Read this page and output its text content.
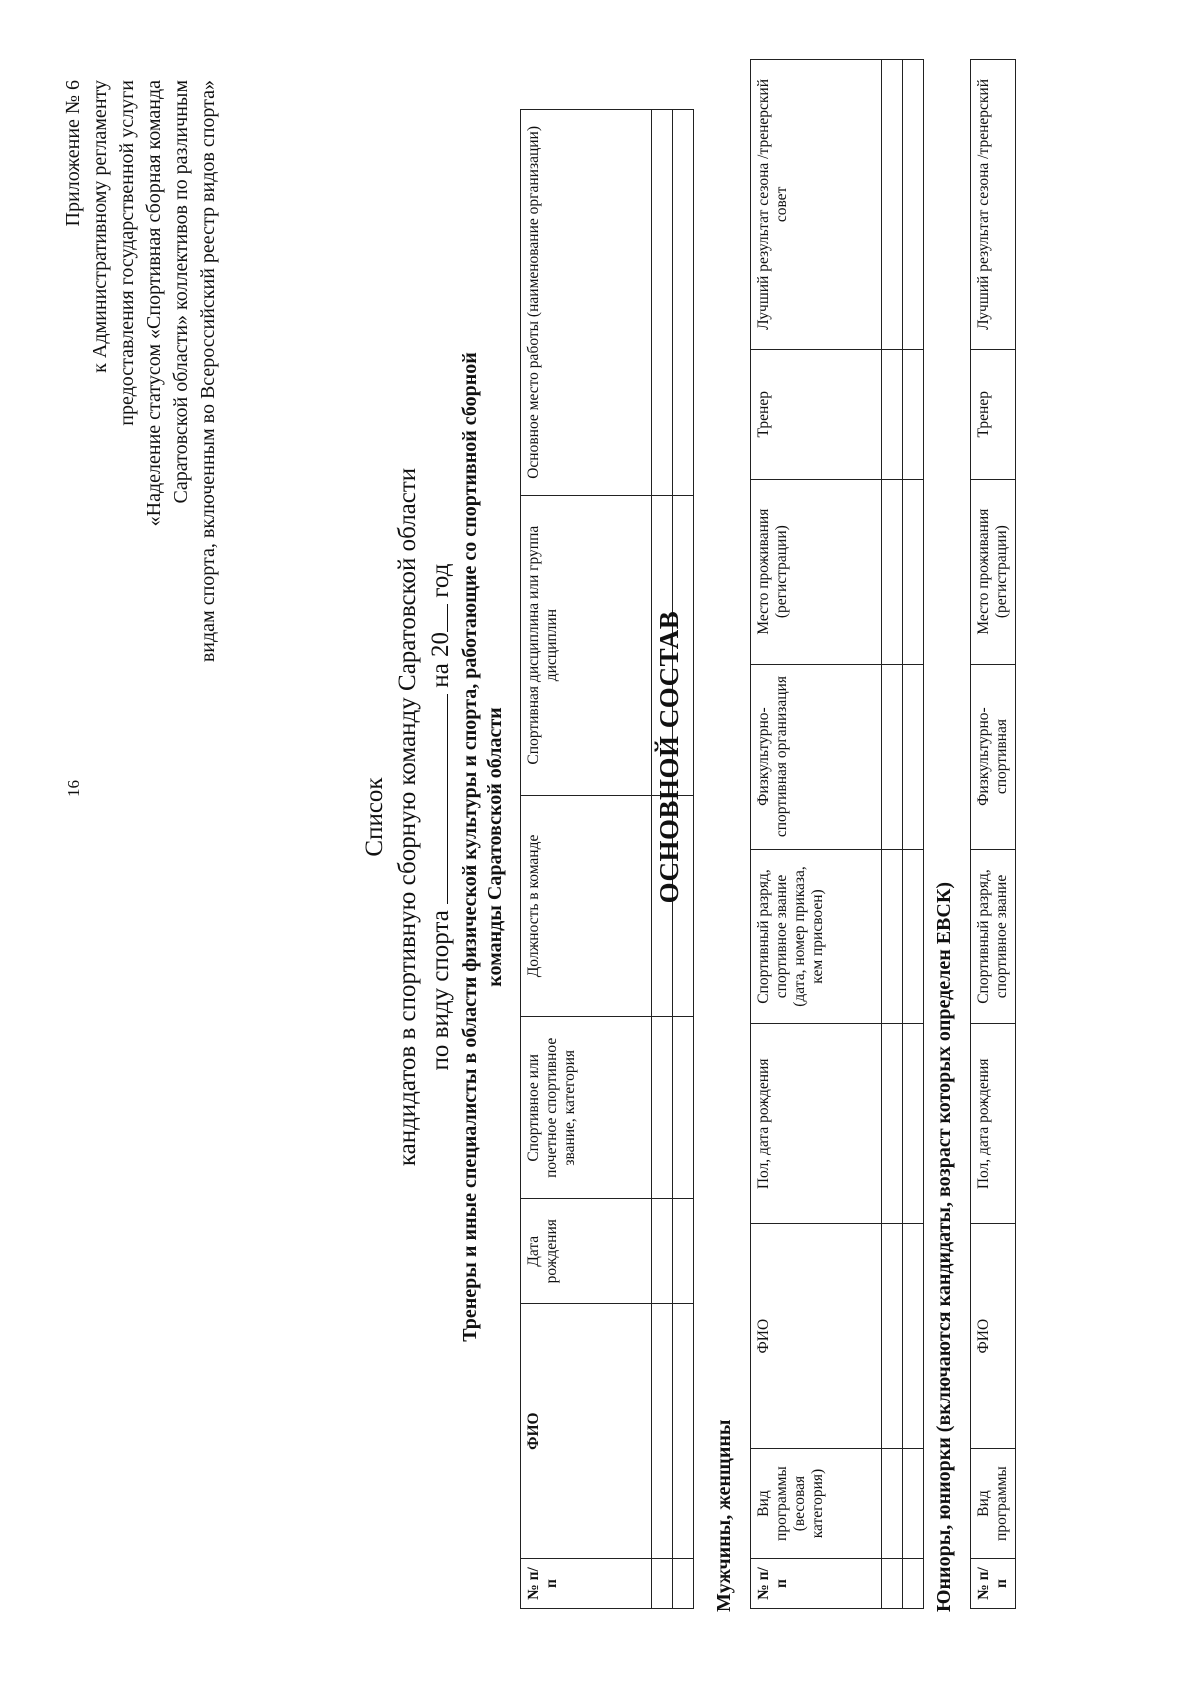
16
Приложение № 6 к Административному регламенту предоставления государственной услуги «Наделение статусом «Спортивная сборная команда Саратовской области» коллективов по различным видам спорта, включенным во Всероссийский реестр видов спорта»
Список кандидатов в спортивную сборную команду Саратовской области по виду спорта  на 20 год Тренеры и иные специалисты в области физической культуры и спорта, работающие со спортивной сборной команды Саратовской области
№ п/п	ФИО	Дата рождения	Спортивное или почетное спортивное звание, категория	Должность в команде	Спортивная дисциплина или группа дисциплин	Основное место работы (наименование организации)

ОСНОВНОЙ СОСТАВ
Мужчины, женщины № п/п	Вид программы (весовая категория)	ФИО	Пол, дата рождения	Спортивный разряд, спортивное звание (дата, номер приказа, кем присвоен)	Физкультурно-спортивная организация	Место проживания (регистрации)	Тренер	Лучший результат сезона /тренерский совет

Юниоры, юниорки (включаются кандидаты, возраст которых определен ЕВСК) № п/п	Вид программы	ФИО	Пол, дата рождения	Спортивный разряд, спортивное звание	Физкультурно-спортивная	Место проживания (регистрации)	Тренер	Лучший результат сезона /тренерский
